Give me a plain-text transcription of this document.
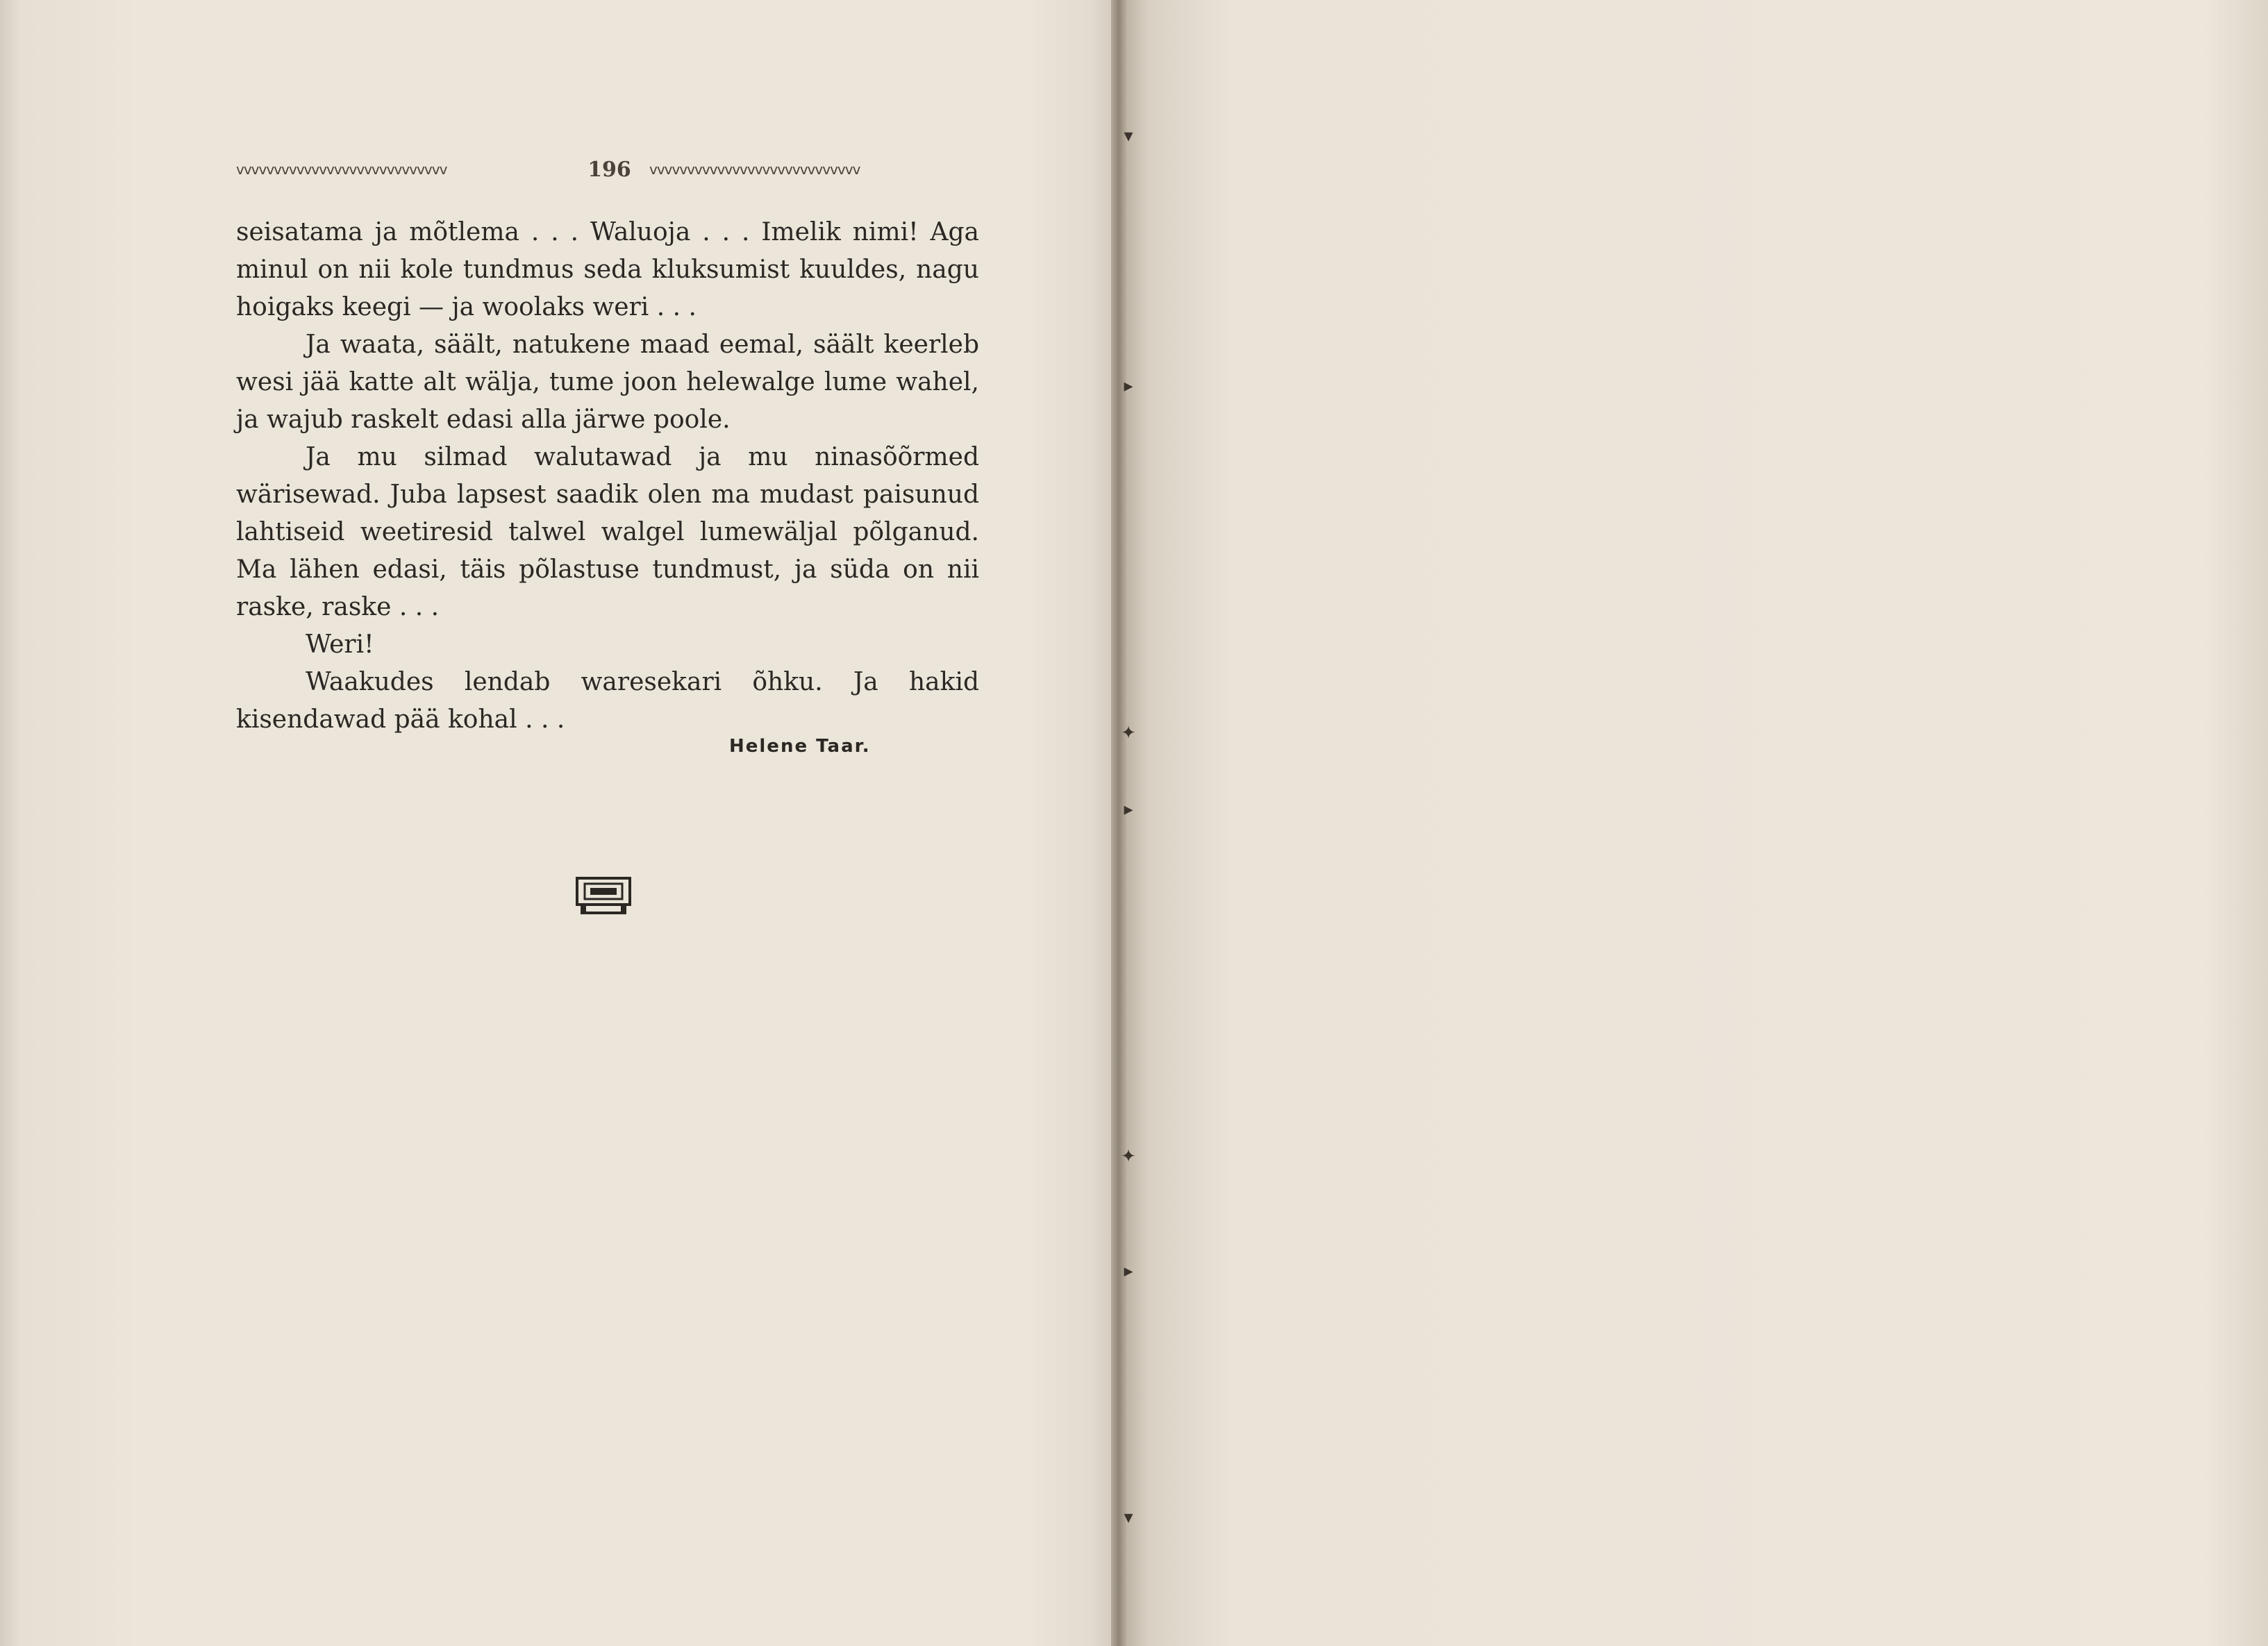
vvvvvvvvvvvvvvvvvvvvvvvvvvvv	196	vvvvvvvvvvvvvvvvvvvvvvvvvvvv

seisatama ja mõtlema . . . Waluoja . . . Imelik nimi! Aga minul on nii kole tundmus seda kluksumist kuuldes, nagu hoigaks keegi — ja woolaks weri . . .

Ja waata, säält, natukene maad eemal, säält keerleb wesi jää katte alt wälja, tume joon helewalge lume wahel, ja wajub raskelt edasi alla järwe poole.

Ja mu silmad walutawad ja mu ninasõõrmed wärisewad. Juba lapsest saadik olen ma mudast paisunud lahtiseid weetiresid talwel walgel lumewäljal põlganud. Ma lähen edasi, täis põlastuse tundmust, ja süda on nii raske, raske . . .

Weri!

Waakudes lendab waresekari õhku. Ja hakid kisendawad pää kohal . . .

Helene Taar.

▾
▸
✦
▸
✦
▸
▾
